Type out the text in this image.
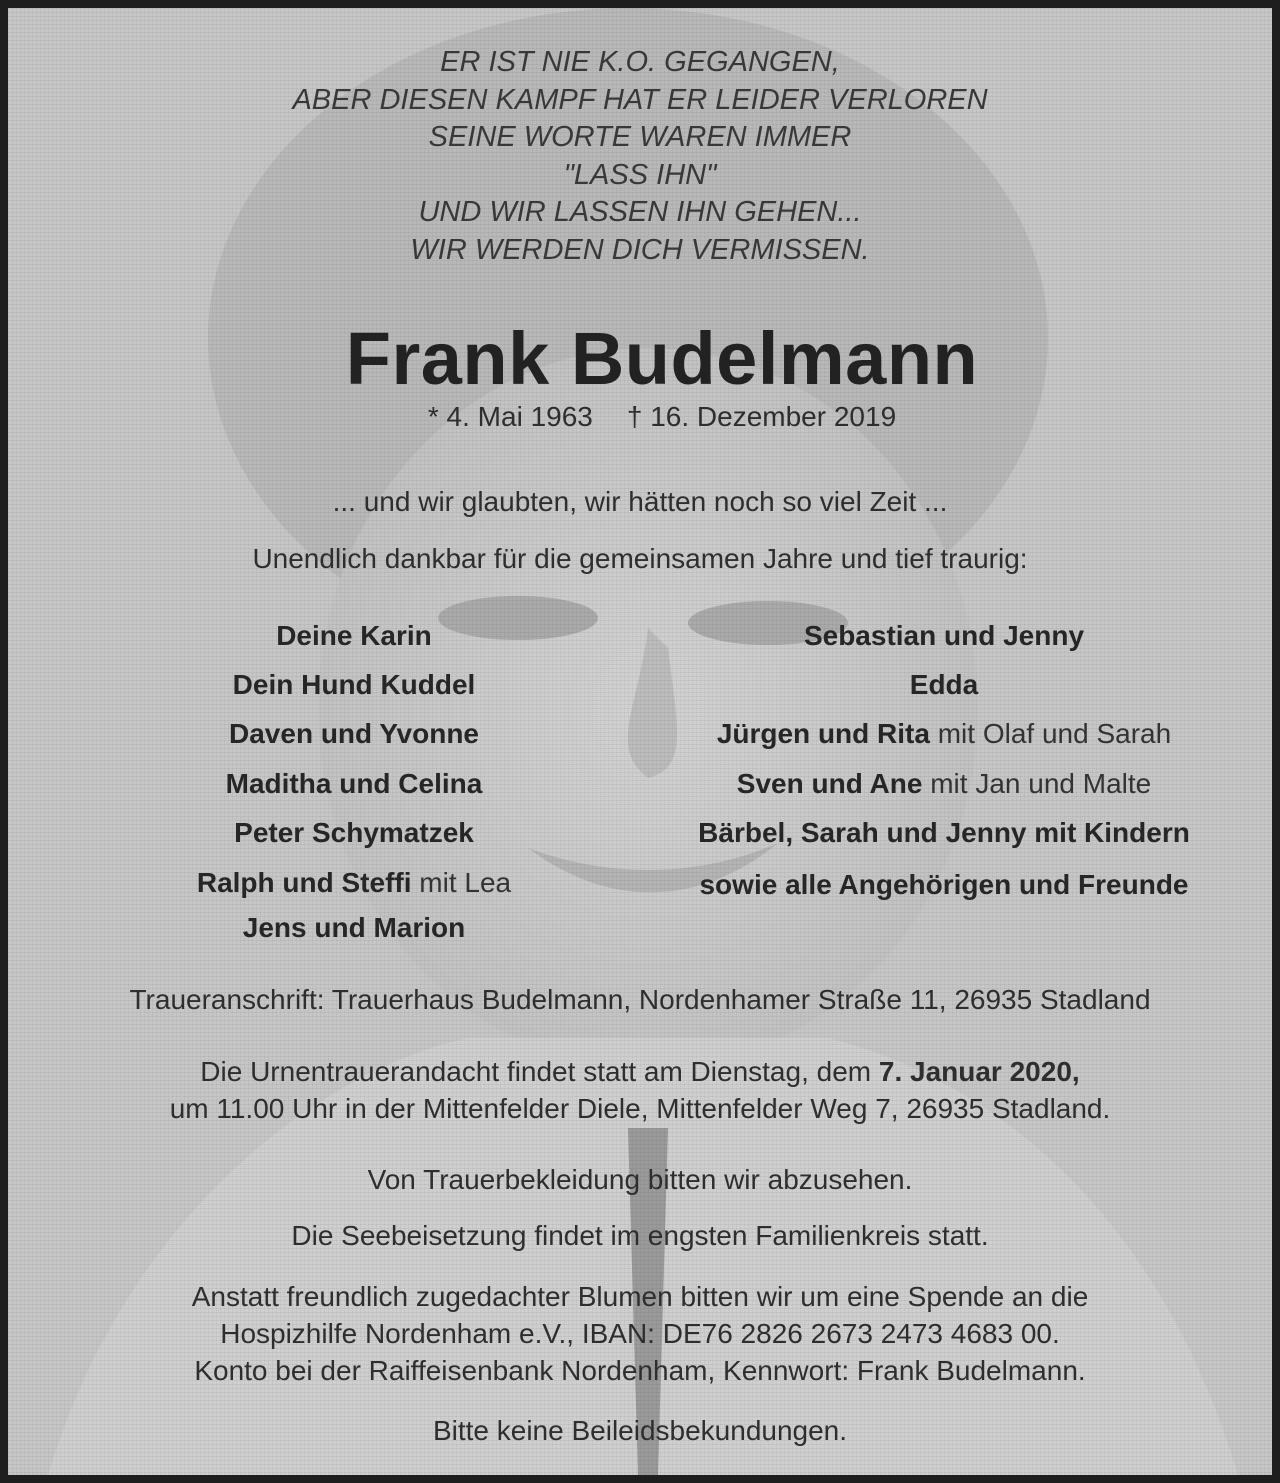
ER IST NIE K.O. GEGANGEN,
ABER DIESEN KAMPF HAT ER LEIDER VERLOREN
SEINE WORTE WAREN IMMER
"LASS IHN"
UND WIR LASSEN IHN GEHEN...
WIR WERDEN DICH VERMISSEN.
Frank Budelmann
* 4. Mai 1963 † 16. Dezember 2019
... und wir glaubten, wir hätten noch so viel Zeit ...
Unendlich dankbar für die gemeinsamen Jahre und tief traurig:
Deine Karin
Dein Hund Kuddel
Daven und Yvonne
Maditha und Celina
Peter Schymatzek
Ralph und Steffi mit Lea
Jens und Marion
Sebastian und Jenny
Edda
Jürgen und Rita mit Olaf und Sarah
Sven und Ane mit Jan und Malte
Bärbel, Sarah und Jenny mit Kindern
sowie alle Angehörigen und Freunde
Traueranschrift: Trauerhaus Budelmann, Nordenhamer Straße 11, 26935 Stadland
Die Urnentrauerandacht findet statt am Dienstag, dem 7. Januar 2020,
um 11.00 Uhr in der Mittenfelder Diele, Mittenfelder Weg 7, 26935 Stadland.
Von Trauerbekleidung bitten wir abzusehen.
Die Seebeisetzung findet im engsten Familienkreis statt.
Anstatt freundlich zugedachter Blumen bitten wir um eine Spende an die
Hospizhilfe Nordenham e.V., IBAN: DE76 2826 2673 2473 4683 00.
Konto bei der Raiffeisenbank Nordenham, Kennwort: Frank Budelmann.
Bitte keine Beileidsbekundungen.
